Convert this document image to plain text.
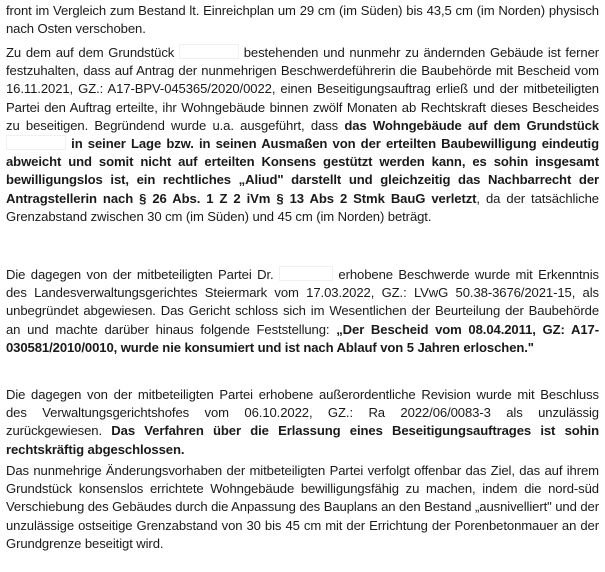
front im Vergleich zum Bestand lt. Einreichplan um 29 cm (im Süden) bis 43,5 cm (im Norden) physisch nach Osten verschoben.

Zu dem auf dem Grundstück	bestehenden und nunmehr zu ändernden Gebäude ist ferner festzuhalten, dass auf Antrag der nunmehrigen Beschwerdeführerin die Baubehörde mit Bescheid vom 16.11.2021, GZ.: A17-BPV-045365/2020/0022, einen Beseitigungsauftrag erließ und der mitbeteiligten Partei den Auftrag erteilte, ihr Wohngebäude binnen zwölf Monaten ab Rechtskraft dieses Bescheides zu beseitigen. Begründend wurde u.a. ausgeführt, dass das Wohngebäude auf dem Grundstück  in seiner Lage bzw. in seinen Ausmaßen von der erteilten Baubewilligung eindeutig abweicht und somit nicht auf erteilten Konsens gestützt werden kann, es sohin insgesamt bewilligungslos ist, ein rechtliches „Aliud" darstellt und gleichzeitig das Nachbarrecht der Antragstellerin nach § 26 Abs. 1 Z 2 iVm § 13 Abs 2 Stmk BauG verletzt, da der tatsächliche Grenzabstand zwischen 30 cm (im Süden) und 45 cm (im Norden) beträgt.

Die dagegen von der mitbeteiligten Partei Dr.	erhobene Beschwerde wurde mit Erkenntnis des Landesverwaltungsgerichtes Steiermark vom 17.03.2022, GZ.: LVwG 50.38-3676/2021-15, als unbegründet abgewiesen. Das Gericht schloss sich im Wesentlichen der Beurteilung der Baubehörde an und machte darüber hinaus folgende Feststellung: „Der Bescheid vom 08.04.2011, GZ: A17-030581/2010/0010, wurde nie konsumiert und ist nach Ablauf von 5 Jahren erloschen."

Die dagegen von der mitbeteiligten Partei erhobene außerordentliche Revision wurde mit Beschluss des Verwaltungsgerichtshofes vom 06.10.2022, GZ.: Ra 2022/06/0083-3 als unzulässig zurückgewiesen. Das Verfahren über die Erlassung eines Beseitigungsauftrages ist sohin rechtskräftig abgeschlossen.

Das nunmehrige Änderungsvorhaben der mitbeteiligten Partei verfolgt offenbar das Ziel, das auf ihrem Grundstück konsenslos errichtete Wohngebäude bewilligungsfähig zu machen, indem die nord-süd Verschiebung des Gebäudes durch die Anpassung des Bauplans an den Bestand „ausnivelliert" und der unzulässige ostseitige Grenzabstand von 30 bis 45 cm mit der Errichtung der Porenbetonmauer an der Grundgrenze beseitigt wird.
